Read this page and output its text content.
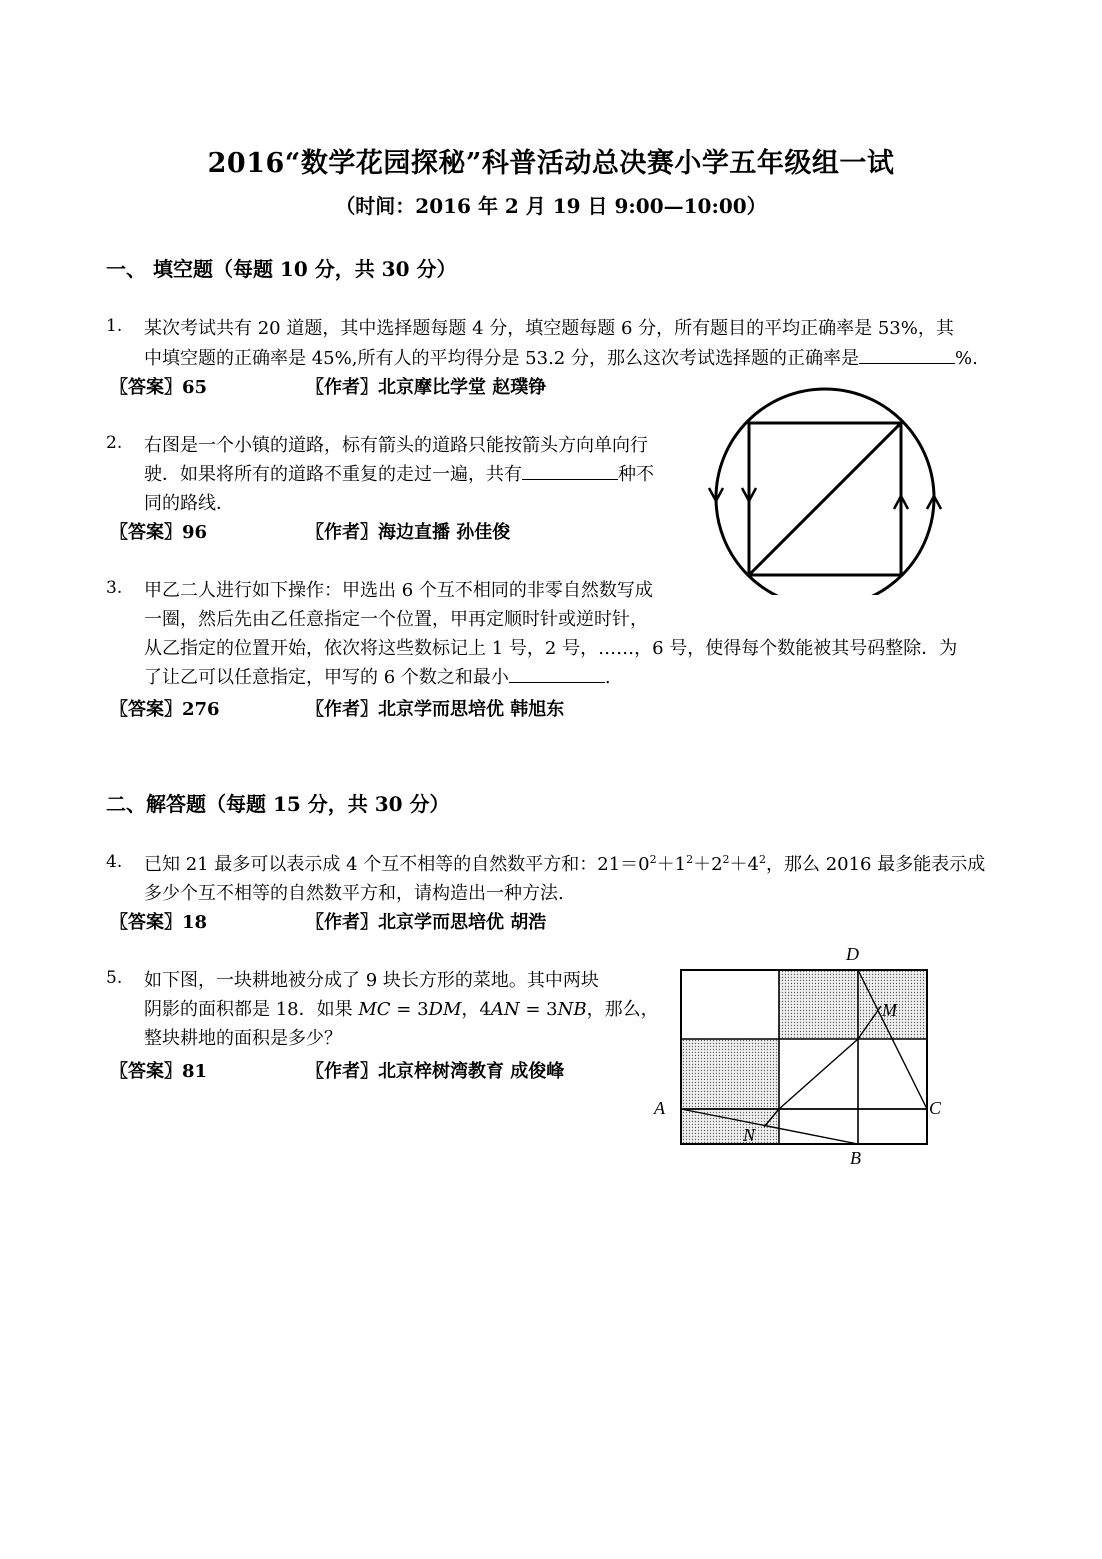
2016“数学花园探秘”科普活动总决赛小学五年级组一试
（时间：2016 年 2 月 19 日 9:00—10:00）
一、 填空题（每题 10 分，共 30 分）
1. 某次考试共有 20 道题，其中选择题每题 4 分，填空题每题 6 分，所有题目的平均正确率是 53%，其
中填空题的正确率是 45%,所有人的平均得分是 53.2 分，那么这次考试选择题的正确率是	%.
〖答案〗65	〖作者〗北京摩比学堂 赵璞铮
2. 右图是一个小镇的道路，标有箭头的道路只能按箭头方向单向行
驶．如果将所有的道路不重复的走过一遍，共有	种不
同的路线．
〖答案〗96	〖作者〗海边直播 孙佳俊
3. 甲乙二人进行如下操作：甲选出 6 个互不相同的非零自然数写成
一圈，然后先由乙任意指定一个位置，甲再定顺时针或逆时针，
从乙指定的位置开始，依次将这些数标记上 1 号，2 号，……，6 号，使得每个数能被其号码整除．为
了让乙可以任意指定，甲写的 6 个数之和最小	.
〖答案〗276	〖作者〗北京学而思培优 韩旭东
二、解答题（每题 15 分，共 30 分）
4. 已知 21 最多可以表示成 4 个互不相等的自然数平方和：$21=0^2+1^2+2^2+4^2$，那么 2016 最多能表示成
多少个互不相等的自然数平方和，请构造出一种方法.
〖答案〗18	〖作者〗北京学而思培优 胡浩
5. 如下图，一块耕地被分成了 9 块长方形的菜地。其中两块
阴影的面积都是 18．如果 MC = 3DM，4AN = 3NB，那么，
整块耕地的面积是多少？
〖答案〗81	〖作者〗北京梓树湾教育 成俊峰
D
M
A	C
N
B
